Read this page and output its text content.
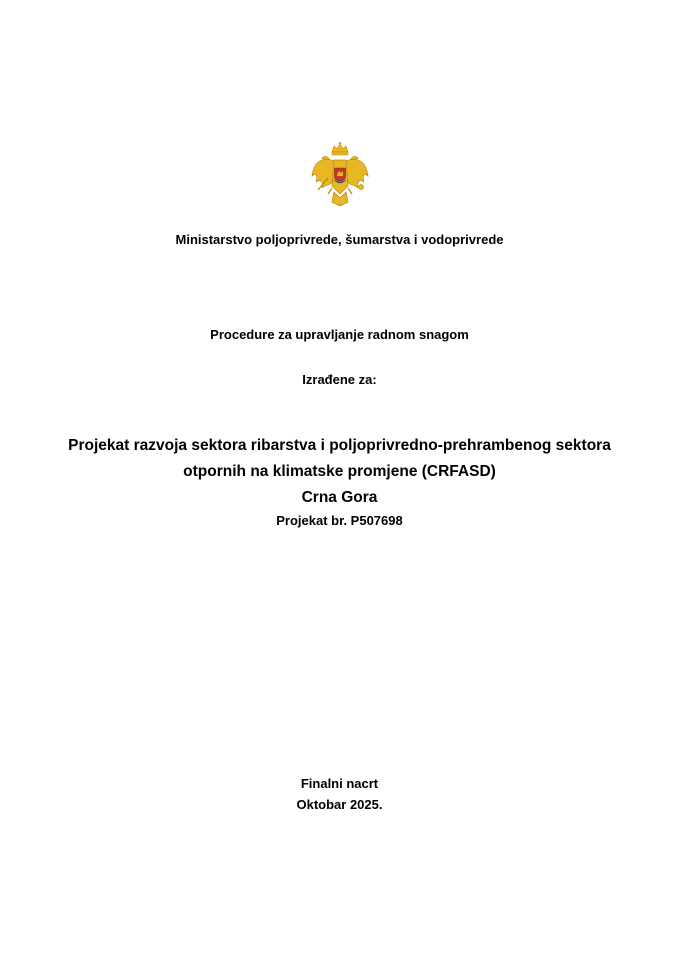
Ministarstvo poljoprivrede, šumarstva i vodoprivrede
Procedure za upravljanje radnom snagom
Izrađene za:
Projekat razvoja sektora ribarstva i poljoprivredno-prehrambenog sektora
otpornih na klimatske promjene (CRFASD)
Crna Gora
Projekat br. P507698
Finalni nacrt
Oktobar 2025.
